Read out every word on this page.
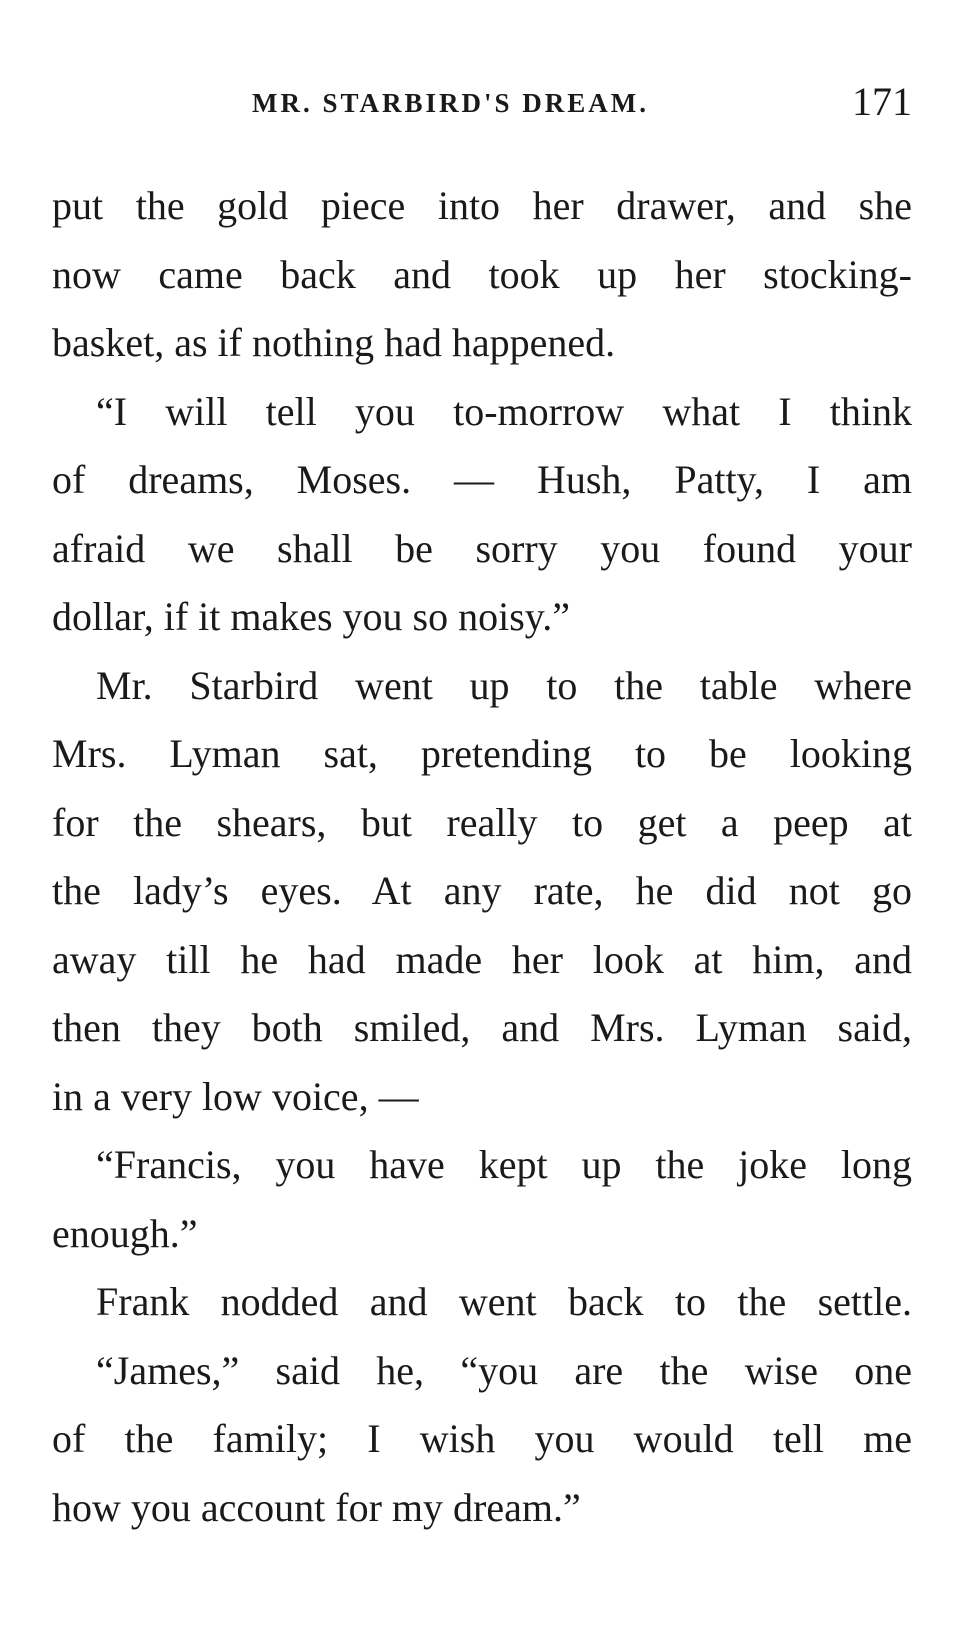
MR. STARBIRD'S DREAM.	171
put the gold piece into her drawer, and she
now came back and took up her stocking-
basket, as if nothing had happened.
“I will tell you to-morrow what I think
of dreams, Moses. — Hush, Patty, I am
afraid we shall be sorry you found your
dollar, if it makes you so noisy.”
Mr. Starbird went up to the table where
Mrs. Lyman sat, pretending to be looking
for the shears, but really to get a peep at
the lady’s eyes. At any rate, he did not go
away till he had made her look at him, and
then they both smiled, and Mrs. Lyman said,
in a very low voice, —
“Francis, you have kept up the joke long
enough.”
Frank nodded and went back to the settle.
“James,” said he, “you are the wise one
of the family; I wish you would tell me
how you account for my dream.”
